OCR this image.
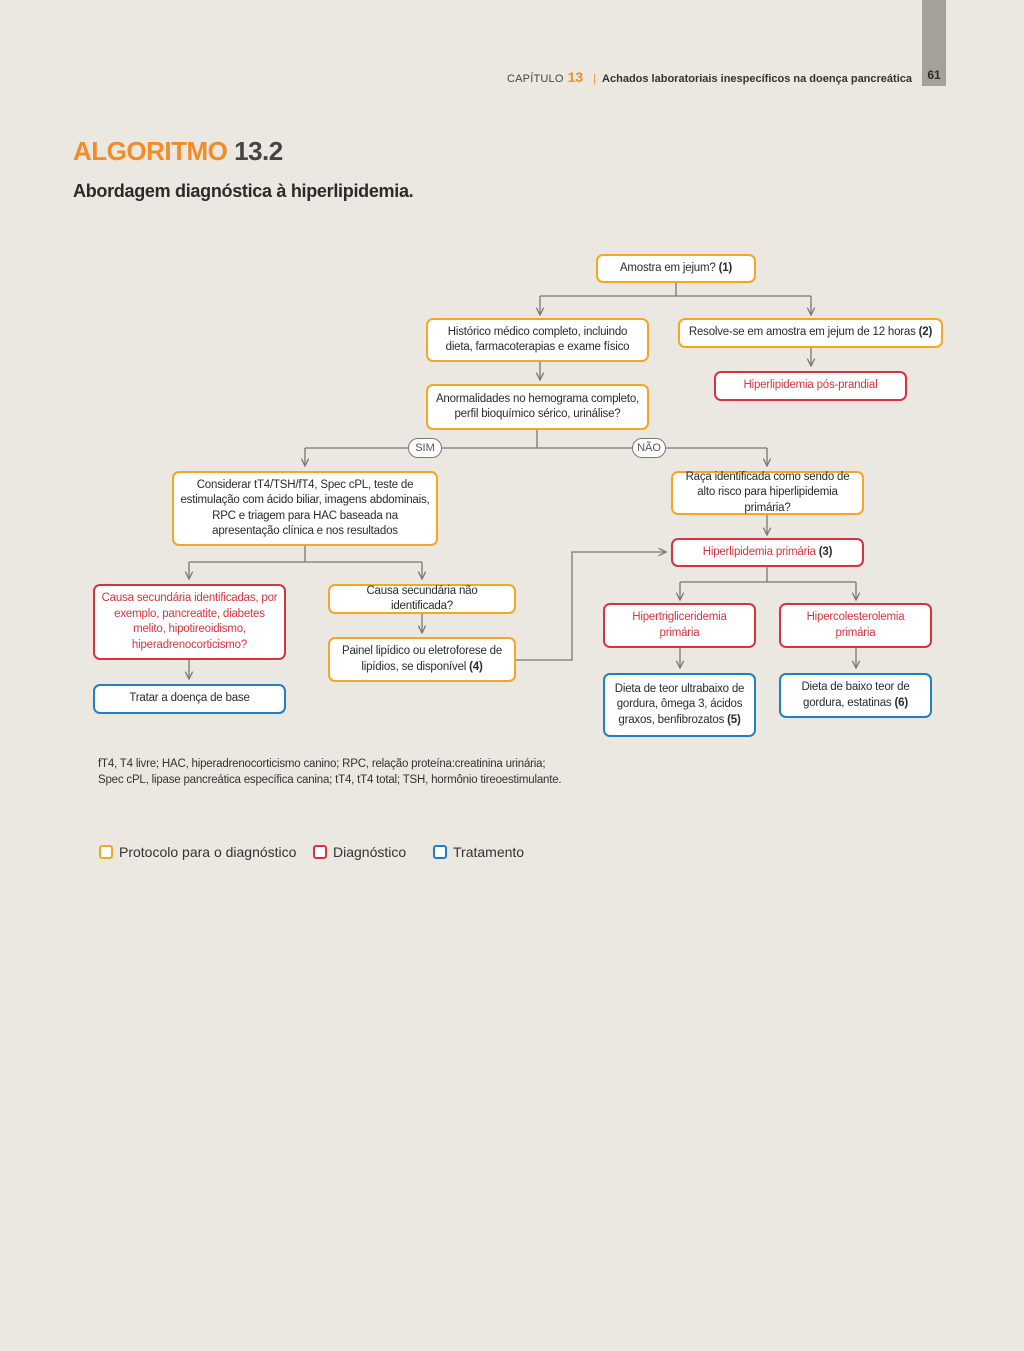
61
CAPÍTULO 13 | Achados laboratoriais inespecíficos na doença pancreática
ALGORITMO 13.2
Abordagem diagnóstica à hiperlipidemia.
Amostra em jejum? (1)
Histórico médico completo, incluindo dieta, farmacoterapias e exame físico
Resolve-se em amostra em jejum de 12 horas (2)
Hiperlipidemia pós-prandial
Anormalidades no hemograma completo, perfil bioquímico sérico, urinálise?
SIM	NÃO
Considerar tT4/TSH/fT4, Spec cPL, teste de estimulação com ácido biliar, imagens abdominais, RPC e triagem para HAC baseada na apresentação clínica e nos resultados
Raça identificada como sendo de alto risco para hiperlipidemia primária?
Hiperlipidemia primária (3)
Causa secundária identificadas, por exemplo, pancreatite, diabetes melito, hipotireoidismo, hiperadrenocorticismo?
Causa secundária não identificada?
Hipertrigliceridemia primária
Hipercolesterolemia primária
Painel lipídico ou eletroforese de lipídios, se disponível (4)
Dieta de teor ultrabaixo de gordura, ômega 3, ácidos graxos, benfibrozatos (5)
Dieta de baixo teor de gordura, estatinas (6)
Tratar a doença de base
fT4, T4 livre; HAC, hiperadrenocorticismo canino; RPC, relação proteína:creatinina urinária;
Spec cPL, lipase pancreática específica canina; tT4, tT4 total; TSH, hormônio tireoestimulante.
Protocolo para o diagnóstico	Diagnóstico	Tratamento
